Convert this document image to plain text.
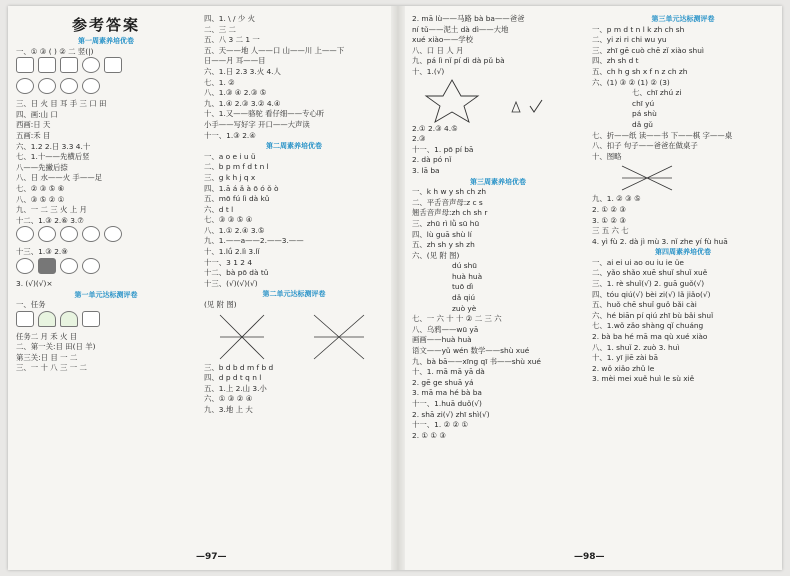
参考答案
第一周素养培优卷
一、① ③ ( ) ② 二 竖(|)
三、日 火 目 耳 手 三 口 田
四、画:山 口
西画:日 天
五画:禾 目
六、1.2 2.日 3.3 4.十
七、1.十——先横后竖
八——先撇后捺
八、日 水——火 手——足
七、② ③ ⑤ ⑥
八、③ ⑤ ② ①
九、一 二 三 火 上 月
十二、1.③ 2.⑥ 3.⑦
十三、1.③ 2.⑨
3. (√)(√)×
第一单元达标测评卷
一、任务
任务二 月 禾 火 目
二、第一关:目 田(日 羊)
第三关:日 目 一 二
三、一 十 八 三 一 二
四、1. \ / 少 火
二、三 二
五、八 3 二 1 一
五、天——地 人——口 山——川 上——下
日——月 耳——目
六、1.日 2.3 3.火 4.人
七、1. ②
八、1.③ ④ 2.③ ⑤
九、1.④ 2.③ 3.② 4.④
十、1.又——骆驼 看仔细——专心听
小手——写好字 开口——大声读
十一、1.③ 2.④
第二周素养培优卷
一、a o e i u ü
二、b p m f d t n l
三、g k h j q x
四、1.ā á ǎ à ō ó ǒ ò
五、mō fú lì dà kǔ
六、d t l
七、③ ③ ⑤ ④
八、1.① 2.④ 3.⑤
九、1.——a——2.——3.——
十、1.lǘ 2.lì 3.lǐ
十一、3 1 2 4
十二、bà pō dà tǔ
十三、(√)(√)(√)
第二单元达标测评卷
(见 附 图)
三、b d b d m f b d
四、d p d t q n l
五、1.上 2.山 3.小
六、① ③ ② ④
九、3.地 上 大
2. mā lù——马路 bà ba——爸爸
ní tǔ——泥土 dà dì——大地
xué xiào——学校
八、口 日 人 月
九、pá lì nǐ pí dì dà pǔ bà
十、1.(√)
2.① 2.③ 4.⑤
2.③
十一、1. pō pí bā
2. dà pó nǐ
3. lā ba
第三周素养培优卷
一、k h w y sh ch zh
二、平舌音声母:z c s
翘舌音声母:zh ch sh r
三、zhū rì lǜ sū hū
四、lù guā shù lí
五、zh sh y sh zh
六、(见 附 图)
dú shū
huà huà
tuō dì
dǎ qiú
zuò yè
七、一 六 十 十 ② 二 三 六
八、乌鸦——wū yā
画画——huà huà
语文——yǔ wén 数学——shù xué
九、bà bā——xīng qī 书——shù xué
十、1. mā mā yā dà
2. gē ge shuā yá
3. mā ma hé bà ba
十一、1.huā duǒ(√)
2. shā zi(√) zhī shì(√)
十一、1. ② ② ①
2. ① ① ③
第三单元达标测评卷
一、p m d t n l k zh ch sh
二、yi zi ri chi wu yu
三、zhī gē cuò chē zǐ xiào shuì
四、zh sh d t
五、ch h g sh x f n z ch zh
六、(1) ③ ② (1) ② (3)
七、chī zhú zi
chī yú
pá shù
dǎ gǔ
七、折——纸 读——书 下——棋 字——桌
八、扣子 句子——爸爸在做桌子
十、图略
九、1. ② ③ ⑤
2. ① ② ③
3. ① ② ③
三 五 六 七
4. yì fù 2. dà jì mù 3. nǐ zhe yí fù huā
第四周素养培优卷
一、ai ei ui ao ou iu ie üe
二、yǎo shǎo xuē shuǐ shuǐ xuě
三、1. rè shuǐ(√) 2. guā guǒ(√)
四、tóu qiú(√) bèi zi(√) lǎ jiǎo(√)
五、huǒ chē shuǐ guǒ bǎi cài
六、hé biān pí qiú zhī bù bǎi shuǐ
七、1.wǒ zǎo shàng qǐ chuáng
2. bà ba hé mā ma qù xué xiào
八、1. shuǐ 2. zuò 3. huì
十、1. yī jiē zài bā
2. wǒ xiǎo zhǔ le
3. mèi mei xuě huì le sù xiě
—97—	—98—
